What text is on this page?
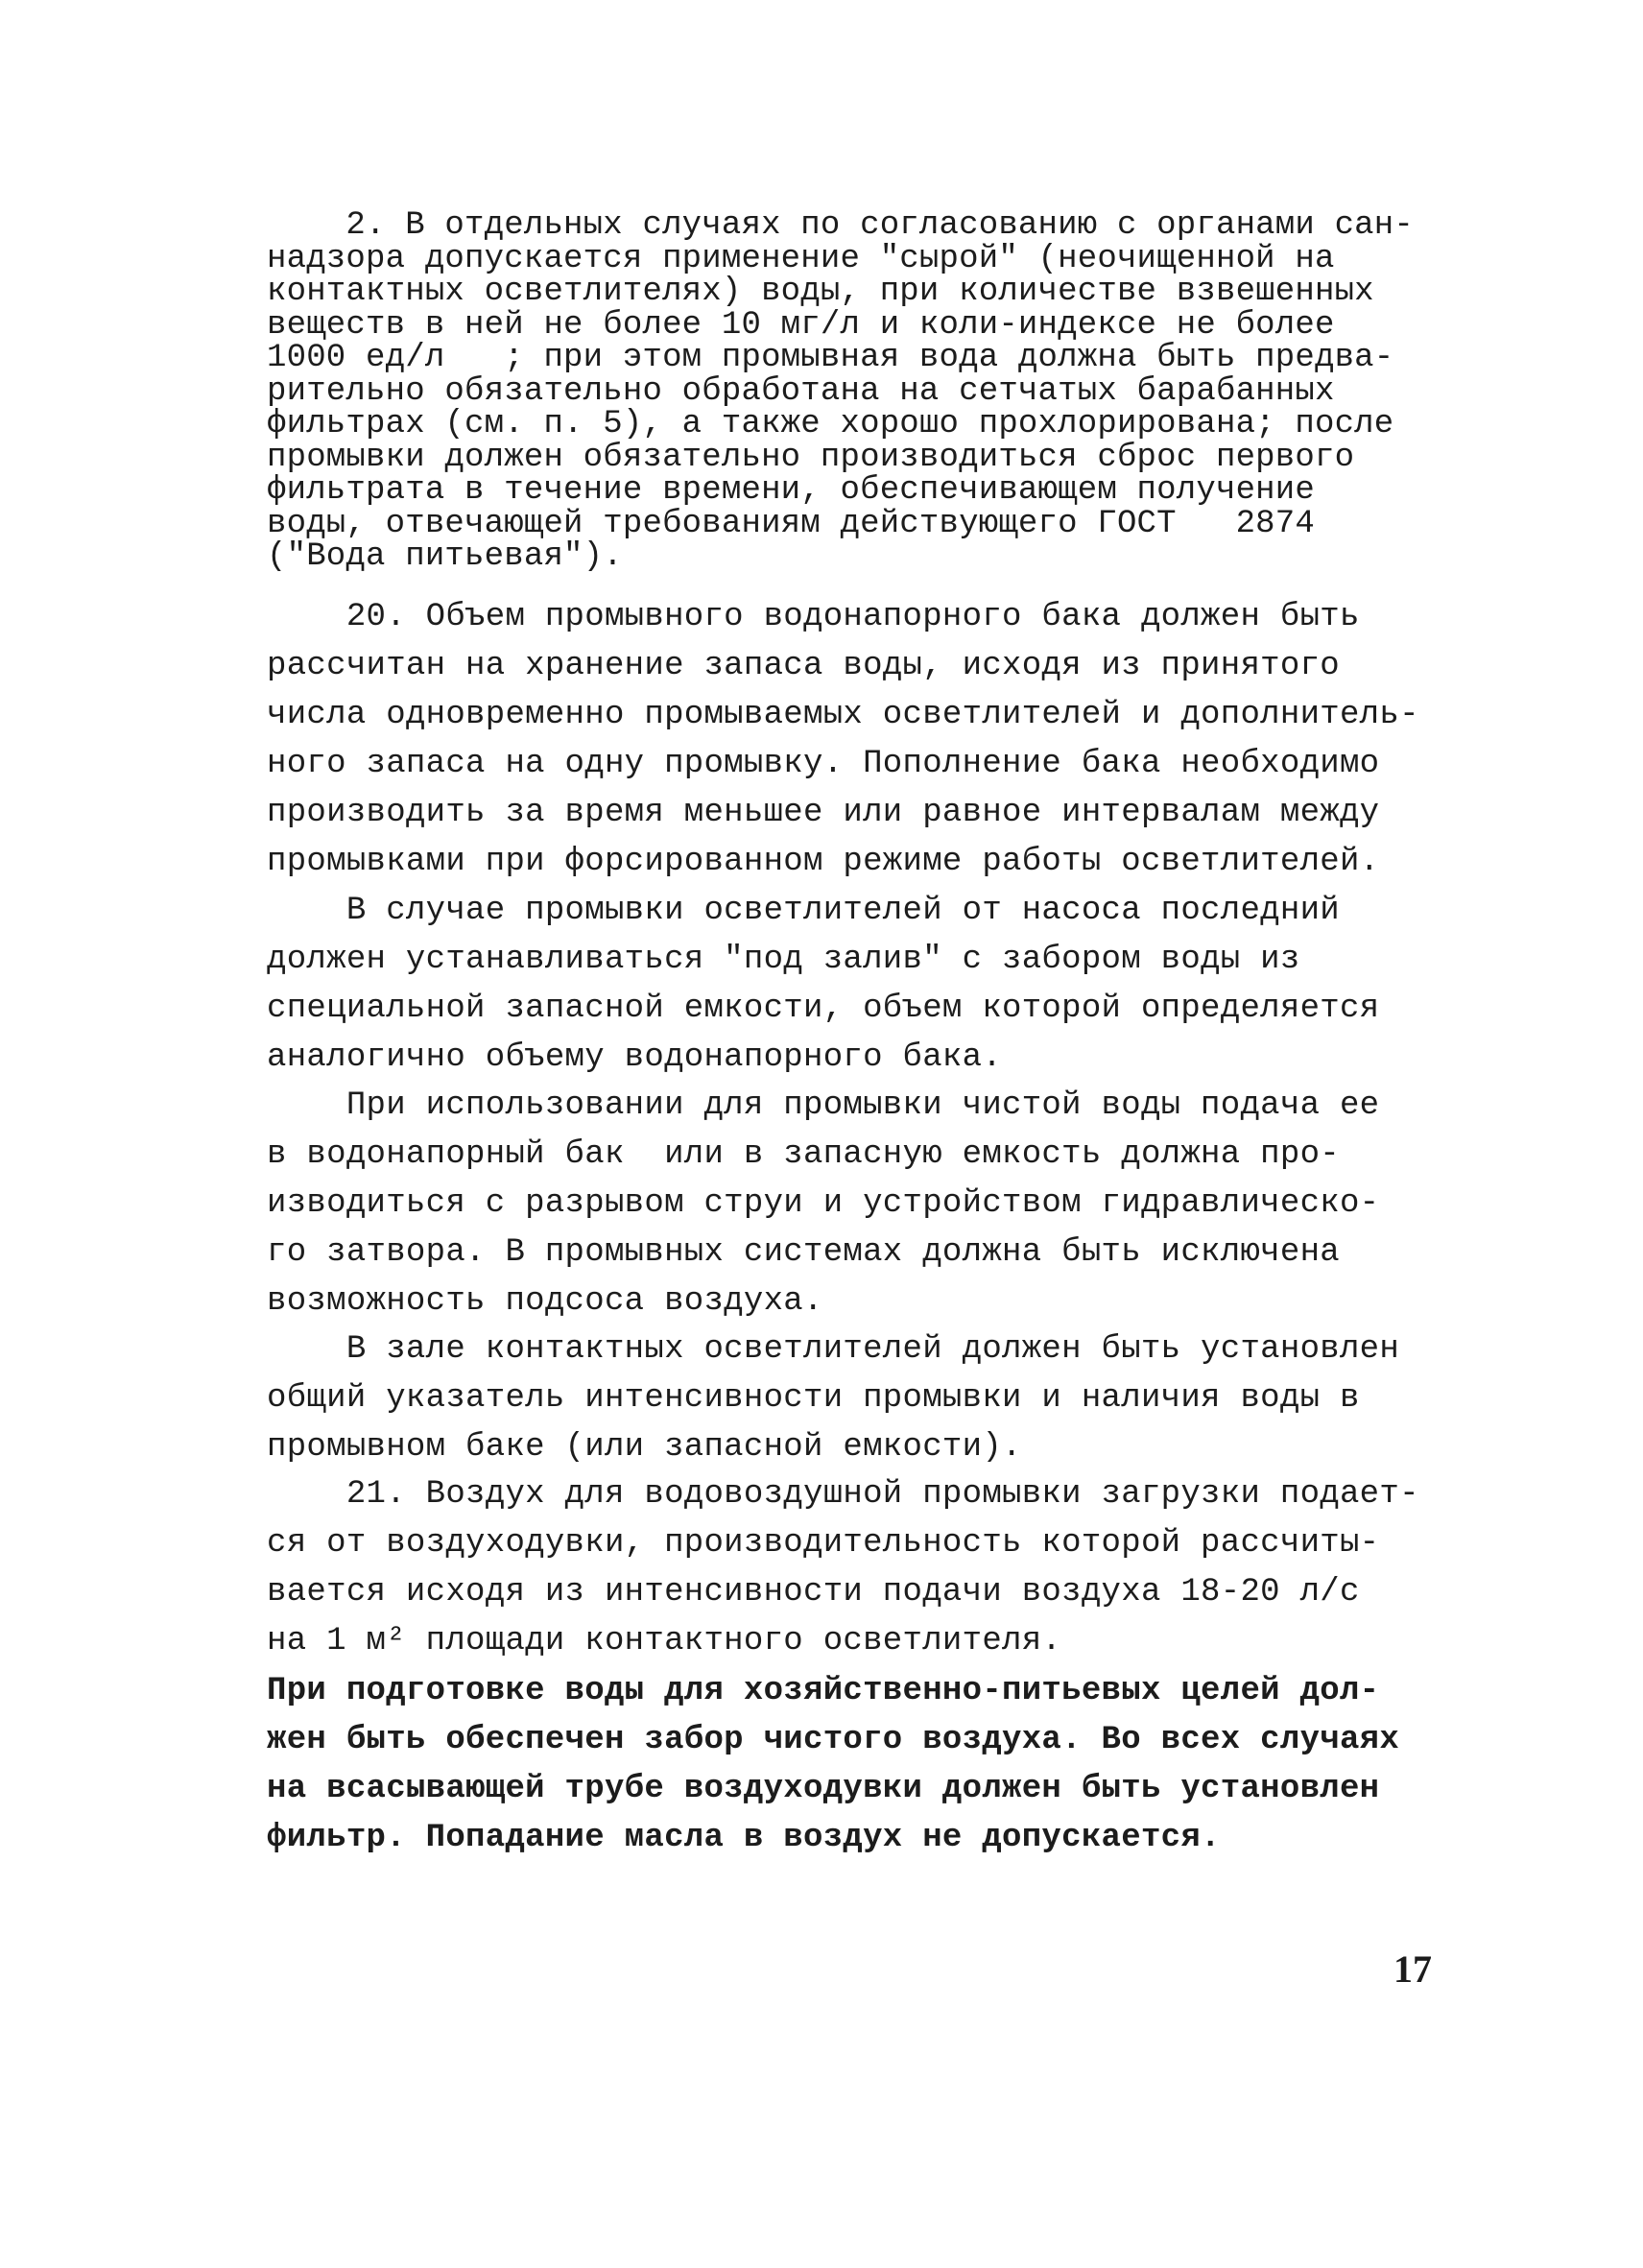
2. В отдельных случаях по согласованию с органами сан-
надзора допускается применение "сырой" (неочищенной на
контактных осветлителях) воды, при количестве взвешенных
веществ в ней не более 10 мг/л и коли-индексе не более
1000 ед/л   ; при этом промывная вода должна быть предва-
рительно обязательно обработана на сетчатых барабанных
фильтрах (см. п. 5), а также хорошо прохлорирована; после
промывки должен обязательно производиться сброс первого
фильтрата в течение времени, обеспечивающем получение
воды, отвечающей требованиям действующего ГОСТ   2874
("Вода питьевая").
20. Объем промывного водонапорного бака должен быть
рассчитан на хранение запаса воды, исходя из принятого
числа одновременно промываемых осветлителей и дополнитель-
ного запаса на одну промывку. Пополнение бака необходимо
производить за время меньшее или равное интервалам между
промывками при форсированном режиме работы осветлителей.
В случае промывки осветлителей от насоса последний
должен устанавливаться "под залив" с забором воды из
специальной запасной емкости, объем которой определяется
аналогично объему водонапорного бака.
При использовании для промывки чистой воды подача ее
в водонапорный бак  или в запасную емкость должна про-
изводиться с разрывом струи и устройством гидравлическо-
го затвора. В промывных системах должна быть исключена
возможность подсоса воздуха.
В зале контактных осветлителей должен быть установлен
общий указатель интенсивности промывки и наличия воды в
промывном баке (или запасной емкости).
21. Воздух для водовоздушной промывки загрузки подает-
ся от воздуходувки, производительность которой рассчиты-
вается исходя из интенсивности подачи воздуха 18-20 л/с
на 1 м² площади контактного осветлителя.
При подготовке воды для хозяйственно-питьевых целей дол-
жен быть обеспечен забор чистого воздуха. Во всех случаях
на всасывающей трубе воздуходувки должен быть установлен
фильтр. Попадание масла в воздух не допускается.
17
